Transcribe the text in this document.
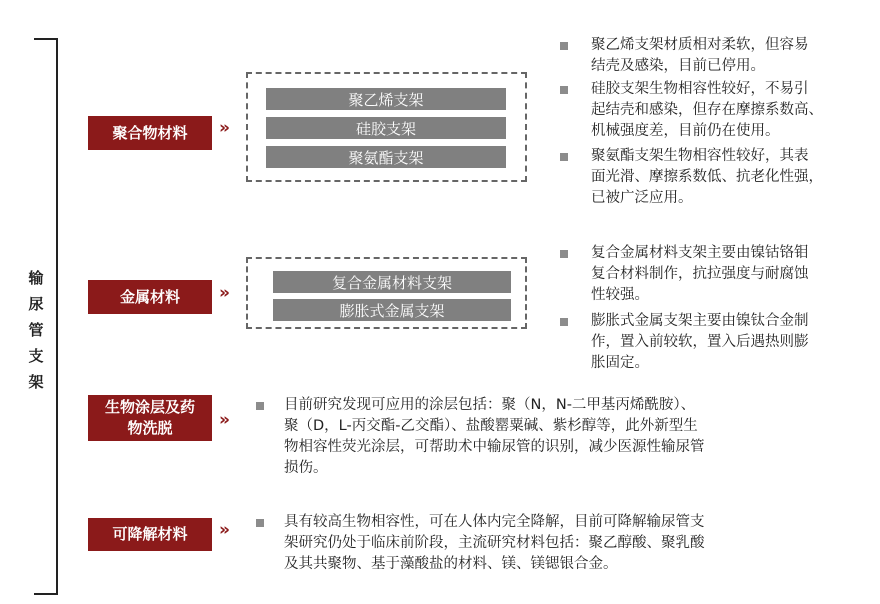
输
尿
管
支
架
聚合物材料	»
聚乙烯支架
硅胶支架
聚氨酯支架
聚乙烯支架材质相对柔软，但容易
结壳及感染，目前已停用。
硅胶支架生物相容性较好，不易引
起结壳和感染，但存在摩擦系数高、
机械强度差，目前仍在使用。
聚氨酯支架生物相容性较好，其表
面光滑、摩擦系数低、抗老化性强，
已被广泛应用。
金属材料	»
复合金属材料支架
膨胀式金属支架
复合金属材料支架主要由镍钴铬钼
复合材料制作，抗拉强度与耐腐蚀
性较强。
膨胀式金属支架主要由镍钛合金制
作，置入前较软，置入后遇热则膨
胀固定。
生物涂层及药
物洗脱	»
目前研究发现可应用的涂层包括：聚（N，N-二甲基丙烯酰胺）、
聚（D，L-丙交酯-乙交酯）、盐酸罂粟碱、紫杉醇等，此外新型生
物相容性荧光涂层，可帮助术中输尿管的识别，减少医源性输尿管
损伤。
可降解材料	»	具有较高生物相容性，可在人体内完全降解，目前可降解输尿管支
架研究仍处于临床前阶段，主流研究材料包括：聚乙醇酸、聚乳酸
及其共聚物、基于藻酸盐的材料、镁、镁锶银合金。
